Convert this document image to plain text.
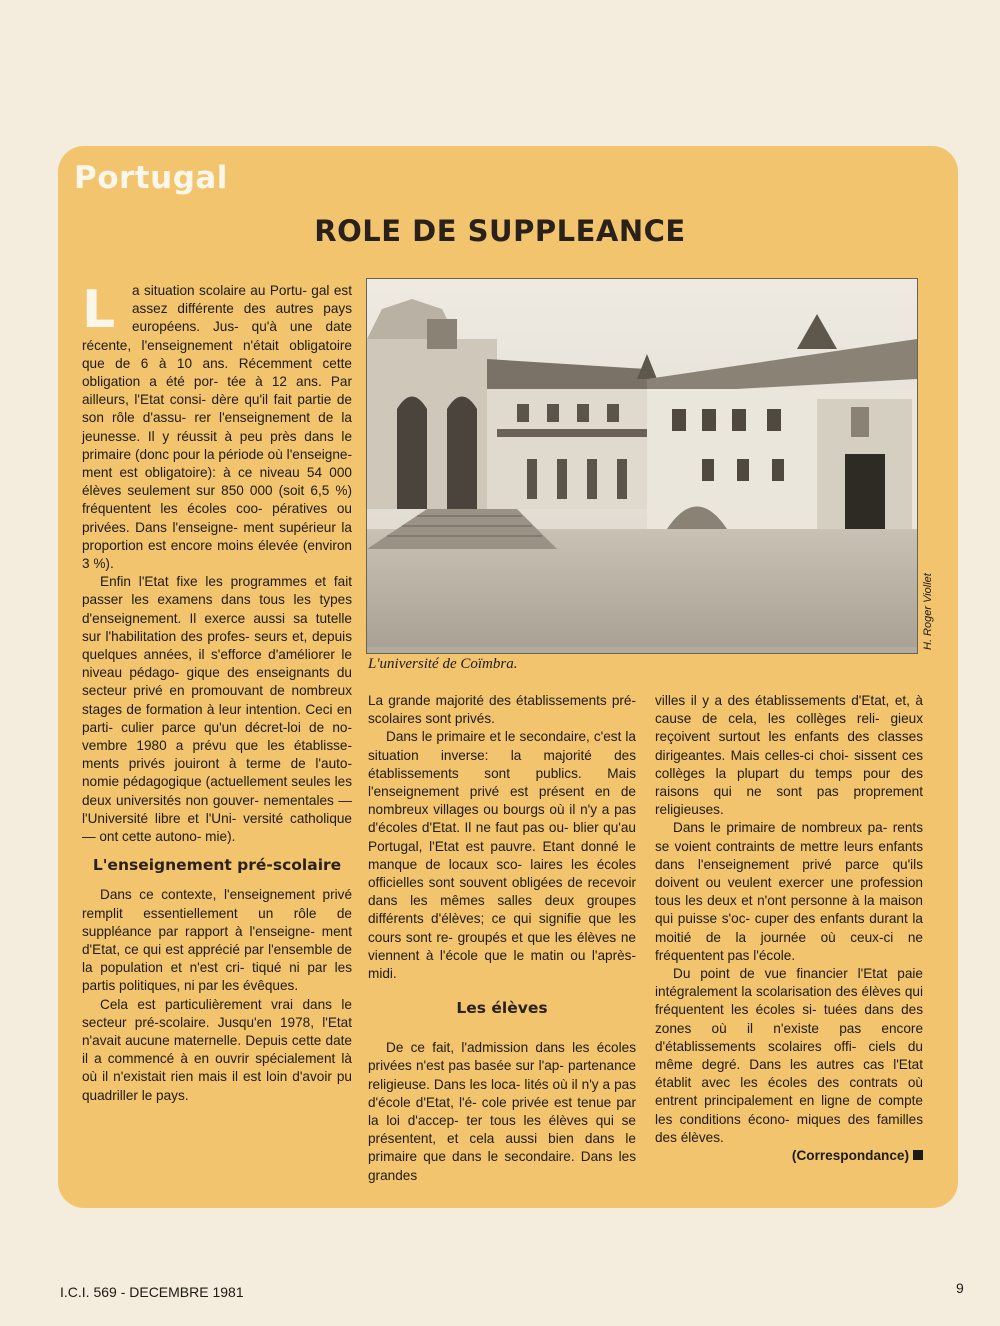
Portugal
ROLE DE SUPPLEANCE
L'université de Coïmbra.
H. Roger Viollet
L	a situation scolaire au Portu- gal est assez différente des autres pays européens. Jus- qu'à une date récente, l'enseignement n'était obligatoire que de 6 à 10 ans. Récemment cette obligation a été por- tée à 12 ans. Par ailleurs, l'Etat consi- dère qu'il fait partie de son rôle d'assu- rer l'enseignement de la jeunesse. Il y réussit à peu près dans le primaire (donc pour la période où l'enseigne- ment est obligatoire): à ce niveau 54 000 élèves seulement sur 850 000 (soit 6,5 %) fréquentent les écoles coo- pératives ou privées. Dans l'enseigne- ment supérieur la proportion est encore moins élevée (environ 3 %).

Enfin l'Etat fixe les programmes et fait passer les examens dans tous les types d'enseignement. Il exerce aussi sa tutelle sur l'habilitation des profes- seurs et, depuis quelques années, il s'efforce d'améliorer le niveau pédago- gique des enseignants du secteur privé en promouvant de nombreux stages de formation à leur intention. Ceci en parti- culier parce qu'un décret-loi de no- vembre 1980 a prévu que les établisse- ments privés jouiront à terme de l'auto- nomie pédagogique (actuellement seules les deux universités non gouver- nementales — l'Université libre et l'Uni- versité catholique — ont cette autono- mie).

L'enseignement pré-scolaire

Dans ce contexte, l'enseignement privé remplit essentiellement un rôle de suppléance par rapport à l'enseigne- ment d'Etat, ce qui est apprécié par l'ensemble de la population et n'est cri- tiqué ni par les partis politiques, ni par les évêques.

Cela est particulièrement vrai dans le secteur pré-scolaire. Jusqu'en 1978, l'Etat n'avait aucune maternelle. Depuis cette date il a commencé à en ouvrir spécialement là où il n'existait rien mais il est loin d'avoir pu quadriller le pays.

La grande majorité des établissements pré-scolaires sont privés.

Dans le primaire et le secondaire, c'est la situation inverse: la majorité des établissements sont publics. Mais l'enseignement privé est présent en de nombreux villages ou bourgs où il n'y a pas d'écoles d'Etat. Il ne faut pas ou- blier qu'au Portugal, l'Etat est pauvre. Etant donné le manque de locaux sco- laires les écoles officielles sont souvent obligées de recevoir dans les mêmes salles deux groupes différents d'élèves; ce qui signifie que les cours sont re- groupés et que les élèves ne viennent à l'école que le matin ou l'après-midi.

Les élèves

De ce fait, l'admission dans les écoles privées n'est pas basée sur l'ap- partenance religieuse. Dans les loca- lités où il n'y a pas d'école d'Etat, l'é- cole privée est tenue par la loi d'accep- ter tous les élèves qui se présentent, et cela aussi bien dans le primaire que dans le secondaire. Dans les grandes

villes il y a des établissements d'Etat, et, à cause de cela, les collèges reli- gieux reçoivent surtout les enfants des classes dirigeantes. Mais celles-ci choi- sissent ces collèges la plupart du temps pour des raisons qui ne sont pas proprement religieuses.

Dans le primaire de nombreux pa- rents se voient contraints de mettre leurs enfants dans l'enseignement privé parce qu'ils doivent ou veulent exercer une profession tous les deux et n'ont personne à la maison qui puisse s'oc- cuper des enfants durant la moitié de la journée où ceux-ci ne fréquentent pas l'école.

Du point de vue financier l'Etat paie intégralement la scolarisation des élèves qui fréquentent les écoles si- tuées dans des zones où il n'existe pas encore d'établissements scolaires offi- ciels du même degré. Dans les autres cas l'Etat établit avec les écoles des contrats où entrent principalement en ligne de compte les conditions écono- miques des familles des élèves.

(Correspondance)
I.C.I. 569 - DECEMBRE 1981	9
